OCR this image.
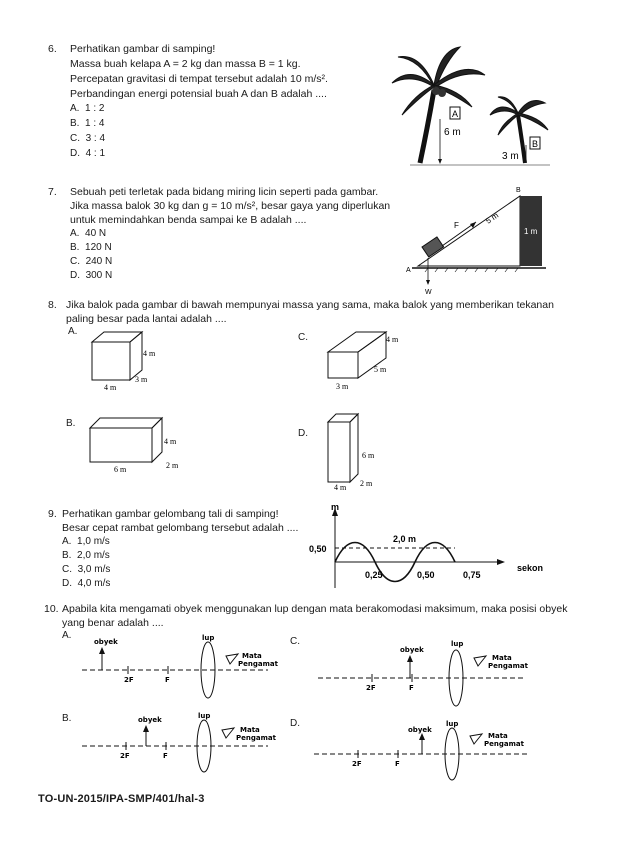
6. Perhatikan gambar di samping!
Massa buah kelapa A = 2 kg dan massa B = 1 kg.
Percepatan gravitasi di tempat tersebut adalah 10 m/s².
Perbandingan energi potensial buah A dan B adalah ....
A. 1 : 2
B. 1 : 4
C. 3 : 4
D. 4 : 1
A
6 m
B
3 m
7. Sebuah peti terletak pada bidang miring licin seperti pada gambar.
Jika massa balok 30 kg dan g = 10 m/s², besar gaya yang diperlukan
untuk memindahkan benda sampai ke B adalah ....
A. 40 N
B. 120 N
C. 240 N
D. 300 N
F	5 m
1 m
A
B
W
8. Jika balok pada gambar di bawah mempunyai massa yang sama, maka balok yang memberikan tekanan
paling besar pada lantai adalah ....
A.
4 m
3 m
4 m
C.	4 m
5 m
3 m
B.
4 m
2 m
6 m
D.
6 m
2 m
4 m
9. Perhatikan gambar gelombang tali di samping!
Besar cepat rambat gelombang tersebut adalah ....
A. 1,0 m/s
B. 2,0 m/s
C. 3,0 m/s
D. 4,0 m/s
m
sekon
0,50
2,0 m
0,25	0,50	0,75
10. Apabila kita mengamati obyek menggunakan lup dengan mata berakomodasi maksimum, maka posisi obyek
yang benar adalah ....
A.
obyek
2F	F
lup
Mata
Pengamat
C.
2F
obyek
F
lup
Mata
Pengamat
B.
2F
obyek
F
lup
Mata
Pengamat
D.
2F	F
obyek
lup
Mata
Pengamat
TO-UN-2015/IPA-SMP/401/hal-3
